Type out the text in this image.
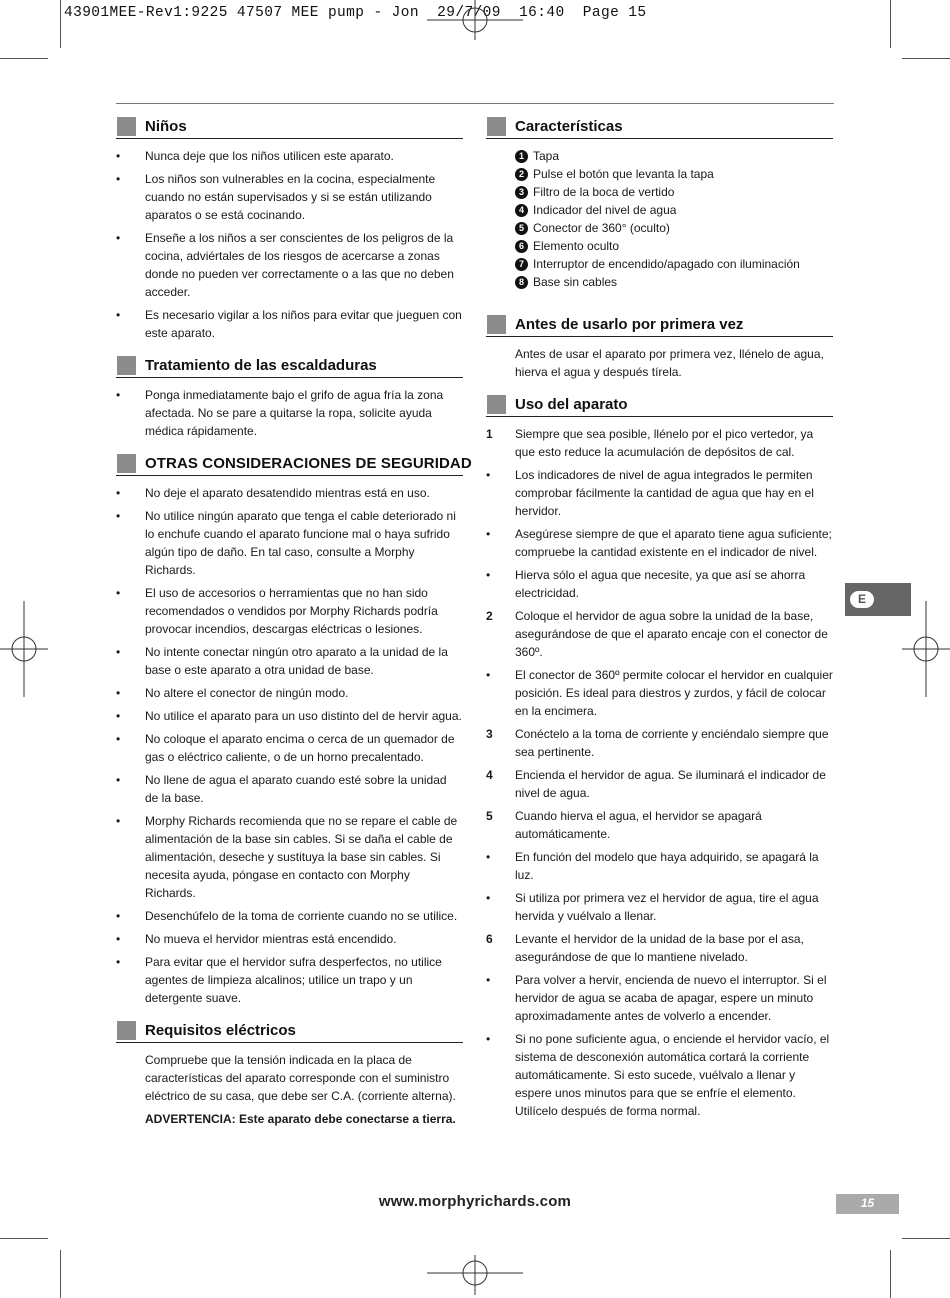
43901MEE-Rev1:9225 47507 MEE pump - Jon  29/7/09  16:40  Page 15
Niños
•	Nunca deje que los niños utilicen este aparato.
•	Los niños son vulnerables en la cocina, especialmente cuando no están supervisados y si se están utilizando aparatos o se está cocinando.
•	Enseñe a los niños a ser conscientes de los peligros de la cocina, adviértales de los riesgos de acercarse a zonas donde no pueden ver correctamente o a las que no deben acceder.
•	Es necesario vigilar a los niños para evitar que jueguen con este aparato.
Tratamiento de las escaldaduras
•	Ponga inmediatamente bajo el grifo de agua fría la zona afectada. No se pare a quitarse la ropa, solicite ayuda médica rápidamente.
OTRAS CONSIDERACIONES DE SEGURIDAD
•	No deje el aparato desatendido mientras está en uso.
•	No utilice ningún aparato que tenga el cable deteriorado ni lo enchufe cuando el aparato funcione mal o haya sufrido algún tipo de daño. En tal caso, consulte a Morphy Richards.
•	El uso de accesorios o herramientas que no han sido recomendados o vendidos por Morphy Richards podría provocar incendios, descargas eléctricas o lesiones.
•	No intente conectar ningún otro aparato a la unidad de la base o este aparato a otra unidad de base.
•	No altere el conector de ningún modo.
•	No utilice el aparato para un uso distinto del de hervir agua.
•	No coloque el aparato encima o cerca de un quemador de gas o eléctrico caliente, o de un horno precalentado.
•	No llene de agua el aparato cuando esté sobre la unidad de la base.
•	Morphy Richards recomienda que no se repare el cable de alimentación de la base sin cables. Si se daña el cable de alimentación, deseche y sustituya la base sin cables. Si necesita ayuda, póngase en contacto con Morphy Richards.
•	Desenchúfelo de la toma de corriente cuando no se utilice.
•	No mueva el hervidor mientras está encendido.
•	Para evitar que el hervidor sufra desperfectos, no utilice agentes de limpieza alcalinos; utilice un trapo y un detergente suave.
Requisitos eléctricos
Compruebe que la tensión indicada en la placa de características del aparato corresponde con el suministro eléctrico de su casa, que debe ser C.A. (corriente alterna).
ADVERTENCIA: Este aparato debe conectarse a tierra.
Características
1 Tapa
2 Pulse el botón que levanta la tapa
3 Filtro de la boca de vertido
4 Indicador del nivel de agua
5 Conector de 360° (oculto)
6 Elemento oculto
7 Interruptor de encendido/apagado con iluminación
8 Base sin cables
Antes de usarlo por primera vez
Antes de usar el aparato por primera vez, llénelo de agua, hierva el agua y después tírela.
Uso del aparato
1	Siempre que sea posible, llénelo por el pico vertedor, ya que esto reduce la acumulación de depósitos de cal.
•	Los indicadores de nivel de agua integrados le permiten comprobar fácilmente la cantidad de agua que hay en el hervidor.
•	Asegúrese siempre de que el aparato tiene agua suficiente; compruebe la cantidad existente en el indicador de nivel.
•	Hierva sólo el agua que necesite, ya que así se ahorra electricidad.
2	Coloque el hervidor de agua sobre la unidad de la base, asegurándose de que el aparato encaje con el conector de 360º.
•	El conector de 360º permite colocar el hervidor en cualquier posición. Es ideal para diestros y zurdos, y fácil de colocar en la encimera.
3	Conéctelo a la toma de corriente y enciéndalo siempre que sea pertinente.
4	Encienda el hervidor de agua. Se iluminará el indicador de nivel de agua.
5	Cuando hierva el agua, el hervidor se apagará automáticamente.
•	En función del modelo que haya adquirido, se apagará la luz.
•	Si utiliza por primera vez el hervidor de agua, tire el agua hervida y vuélvalo a llenar.
6	Levante el hervidor de la unidad de la base por el asa, asegurándose de que lo mantiene nivelado.
•	Para volver a hervir, encienda de nuevo el interruptor. Si el hervidor de agua se acaba de apagar, espere un minuto aproximadamente antes de volverlo a encender.
•	Si no pone suficiente agua, o enciende el hervidor vacío, el sistema de desconexión automática cortará la corriente automáticamente. Si esto sucede, vuélvalo a llenar y espere unos minutos para que se enfríe el elemento. Utilícelo después de forma normal.
E
www.morphyrichards.com	15
